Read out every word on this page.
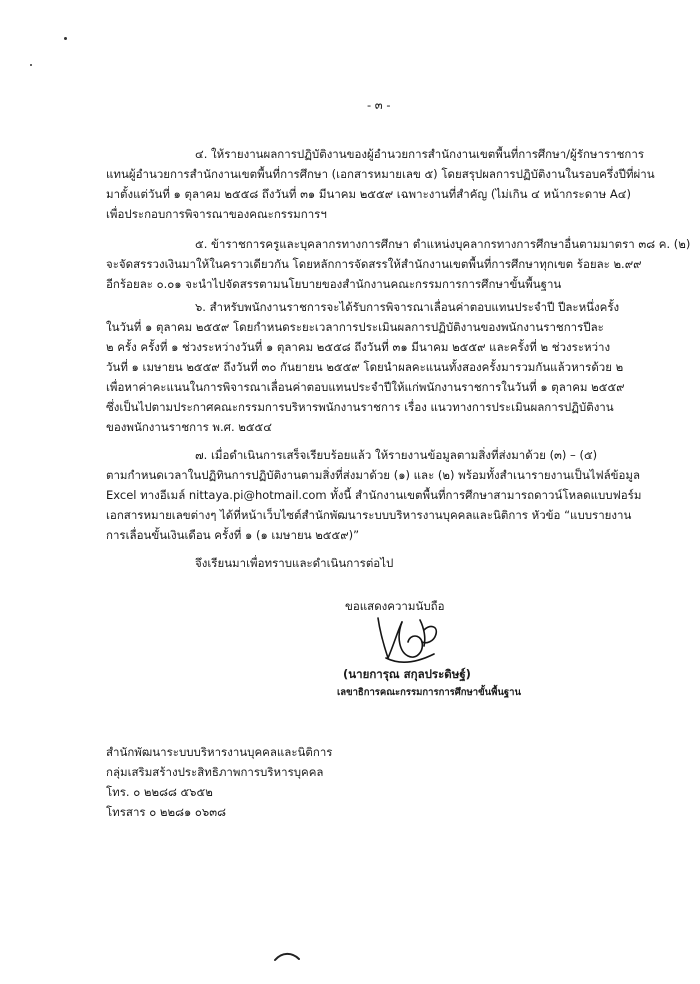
- ๓ -
๔. ให้รายงานผลการปฏิบัติงานของผู้อำนวยการสำนักงานเขตพื้นที่การศึกษา/ผู้รักษาราชการ
แทนผู้อำนวยการสำนักงานเขตพื้นที่การศึกษา (เอกสารหมายเลข ๕) โดยสรุปผลการปฏิบัติงานในรอบครึ่งปีที่ผ่าน
มาตั้งแต่วันที่ ๑ ตุลาคม ๒๕๕๘ ถึงวันที่ ๓๑ มีนาคม ๒๕๕๙ เฉพาะงานที่สำคัญ (ไม่เกิน ๔ หน้ากระดาษ A๔)
เพื่อประกอบการพิจารณาของคณะกรรมการฯ
๕. ข้าราชการครูและบุคลากรทางการศึกษา ตำแหน่งบุคลากรทางการศึกษาอื่นตามมาตรา ๓๘ ค. (๒)
จะจัดสรรวงเงินมาให้ในคราวเดียวกัน โดยหลักการจัดสรรให้สำนักงานเขตพื้นที่การศึกษาทุกเขต ร้อยละ ๒.๙๙
อีกร้อยละ ๐.๐๑ จะนำไปจัดสรรตามนโยบายของสำนักงานคณะกรรมการการศึกษาขั้นพื้นฐาน
๖. สำหรับพนักงานราชการจะได้รับการพิจารณาเลื่อนค่าตอบแทนประจำปี ปีละหนึ่งครั้ง
ในวันที่ ๑ ตุลาคม ๒๕๕๙ โดยกำหนดระยะเวลาการประเมินผลการปฏิบัติงานของพนักงานราชการปีละ
๒ ครั้ง ครั้งที่ ๑ ช่วงระหว่างวันที่ ๑ ตุลาคม ๒๕๕๘ ถึงวันที่ ๓๑ มีนาคม ๒๕๕๙ และครั้งที่ ๒ ช่วงระหว่าง
วันที่ ๑ เมษายน ๒๕๕๙ ถึงวันที่ ๓๐ กันยายน ๒๕๕๙ โดยนำผลคะแนนทั้งสองครั้งมารวมกันแล้วหารด้วย ๒
เพื่อหาค่าคะแนนในการพิจารณาเลื่อนค่าตอบแทนประจำปีให้แก่พนักงานราชการในวันที่ ๑ ตุลาคม ๒๕๕๙
ซึ่งเป็นไปตามประกาศคณะกรรมการบริหารพนักงานราชการ เรื่อง แนวทางการประเมินผลการปฏิบัติงาน
ของพนักงานราชการ พ.ศ. ๒๕๕๔
๗. เมื่อดำเนินการเสร็จเรียบร้อยแล้ว ให้รายงานข้อมูลตามสิ่งที่ส่งมาด้วย (๓) – (๕)
ตามกำหนดเวลาในปฏิทินการปฏิบัติงานตามสิ่งที่ส่งมาด้วย (๑) และ (๒) พร้อมทั้งสำเนารายงานเป็นไฟล์ข้อมูล
Excel ทางอีเมล์ nittaya.pi@hotmail.com ทั้งนี้ สำนักงานเขตพื้นที่การศึกษาสามารถดาวน์โหลดแบบฟอร์ม
เอกสารหมายเลขต่างๆ ได้ที่หน้าเว็บไซต์สำนักพัฒนาระบบบริหารงานบุคคลและนิติการ หัวข้อ “แบบรายงาน
การเลื่อนขั้นเงินเดือน ครั้งที่ ๑ (๑ เมษายน ๒๕๕๙)”
จึงเรียนมาเพื่อทราบและดำเนินการต่อไป
ขอแสดงความนับถือ
(นายการุณ สกุลประดิษฐ์)
เลขาธิการคณะกรรมการการศึกษาขั้นพื้นฐาน
สำนักพัฒนาระบบบริหารงานบุคคลและนิติการ
กลุ่มเสริมสร้างประสิทธิภาพการบริหารบุคคล
โทร. ๐ ๒๒๘๘ ๕๖๕๒
โทรสาร ๐ ๒๒๘๑ ๐๖๓๘
